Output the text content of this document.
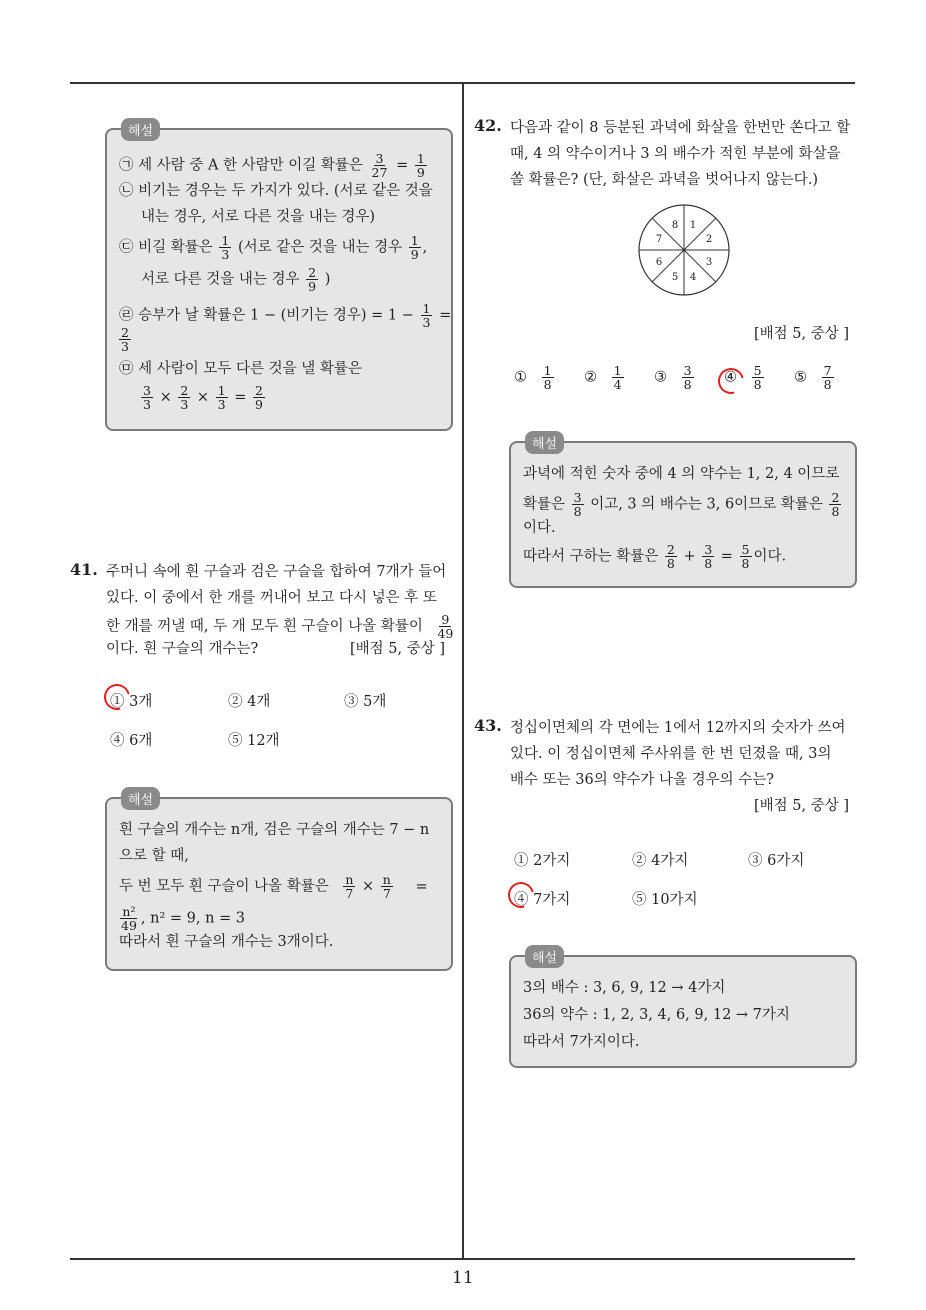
11
해설
㉠ 세 사람 중 A 한 사람만 이길 확률은 $\frac{3}{27} = \frac{1}{9}$
㉡ 비기는 경우는 두 가지가 있다. (서로 같은 것을
내는 경우, 서로 다른 것을 내는 경우)
㉢ 비길 확률은 $\frac{1}{3}$ (서로 같은 것을 내는 경우 $\frac{1}{9}$ ,
서로 다른 것을 내는 경우 $\frac{2}{9}$ )
㉣ 승부가 날 확률은 1 − (비기는 경우) = $1 - \frac{1}{3}$ =
$\frac{2}{3}$
㉤ 세 사람이 모두 다른 것을 낼 확률은
$\frac{3}{3} \times \frac{2}{3} \times \frac{1}{3} = \frac{2}{9}$
41. 주머니 속에 흰 구슬과 검은 구슬을 합하여 7개가 들어
있다. 이 중에서 한 개를 꺼내어 보고 다시 넣은 후 또
한 개를 꺼낼 때, 두 개 모두 흰 구슬이 나올 확률이 $\frac{9}{49}$
이다. 흰 구슬의 개수는?	[배점 5, 중상 ]
① 3개	② 4개	③ 5개
④ 6개	⑤ 12개
해설
흰 구슬의 개수는 n개, 검은 구슬의 개수는 7 − n
으로 할 때,
두 번 모두 흰 구슬이 나올 확률은 $\frac{n}{7} \times \frac{n}{7}$ =
$\frac{\text{n²}}{49}$ , n² = 9, n = 3
따라서 흰 구슬의 개수는 3개이다.
42. 다음과 같이 8 등분된 과녁에 화살을 한번만 쏜다고 할
때, 4 의 약수이거나 3 의 배수가 적힌 부분에 화살을
쏠 확률은? (단, 화살은 과녁을 벗어나지 않는다.)
1
2
3
4
5
6
7
8
[배점 5, 중상 ]
① $\frac{1}{8}$ ② $\frac{1}{4}$ ③ $\frac{3}{8}$ ④ $\frac{5}{8}$ ⑤ $\frac{7}{8}$
해설
과녁에 적힌 숫자 중에 4 의 약수는 1, 2, 4 이므로
확률은 $\frac{3}{8}$ 이고, 3 의 배수는 3, 6이므로 확률은 $\frac{2}{8}$
이다.
따라서 구하는 확률은 $\frac{2}{8} + \frac{3}{8} = \frac{5}{8}$ 이다.
43. 정십이면체의 각 면에는 1에서 12까지의 숫자가 쓰여
있다. 이 정십이면체 주사위를 한 번 던졌을 때, 3의
배수 또는 36의 약수가 나올 경우의 수는?
[배점 5, 중상 ]
① 2가지	② 4가지	③ 6가지
④ 7가지	⑤ 10가지
해설
3의 배수 : 3, 6, 9, 12 → 4가지
36의 약수 : 1, 2, 3, 4, 6, 9, 12 → 7가지
따라서 7가지이다.
